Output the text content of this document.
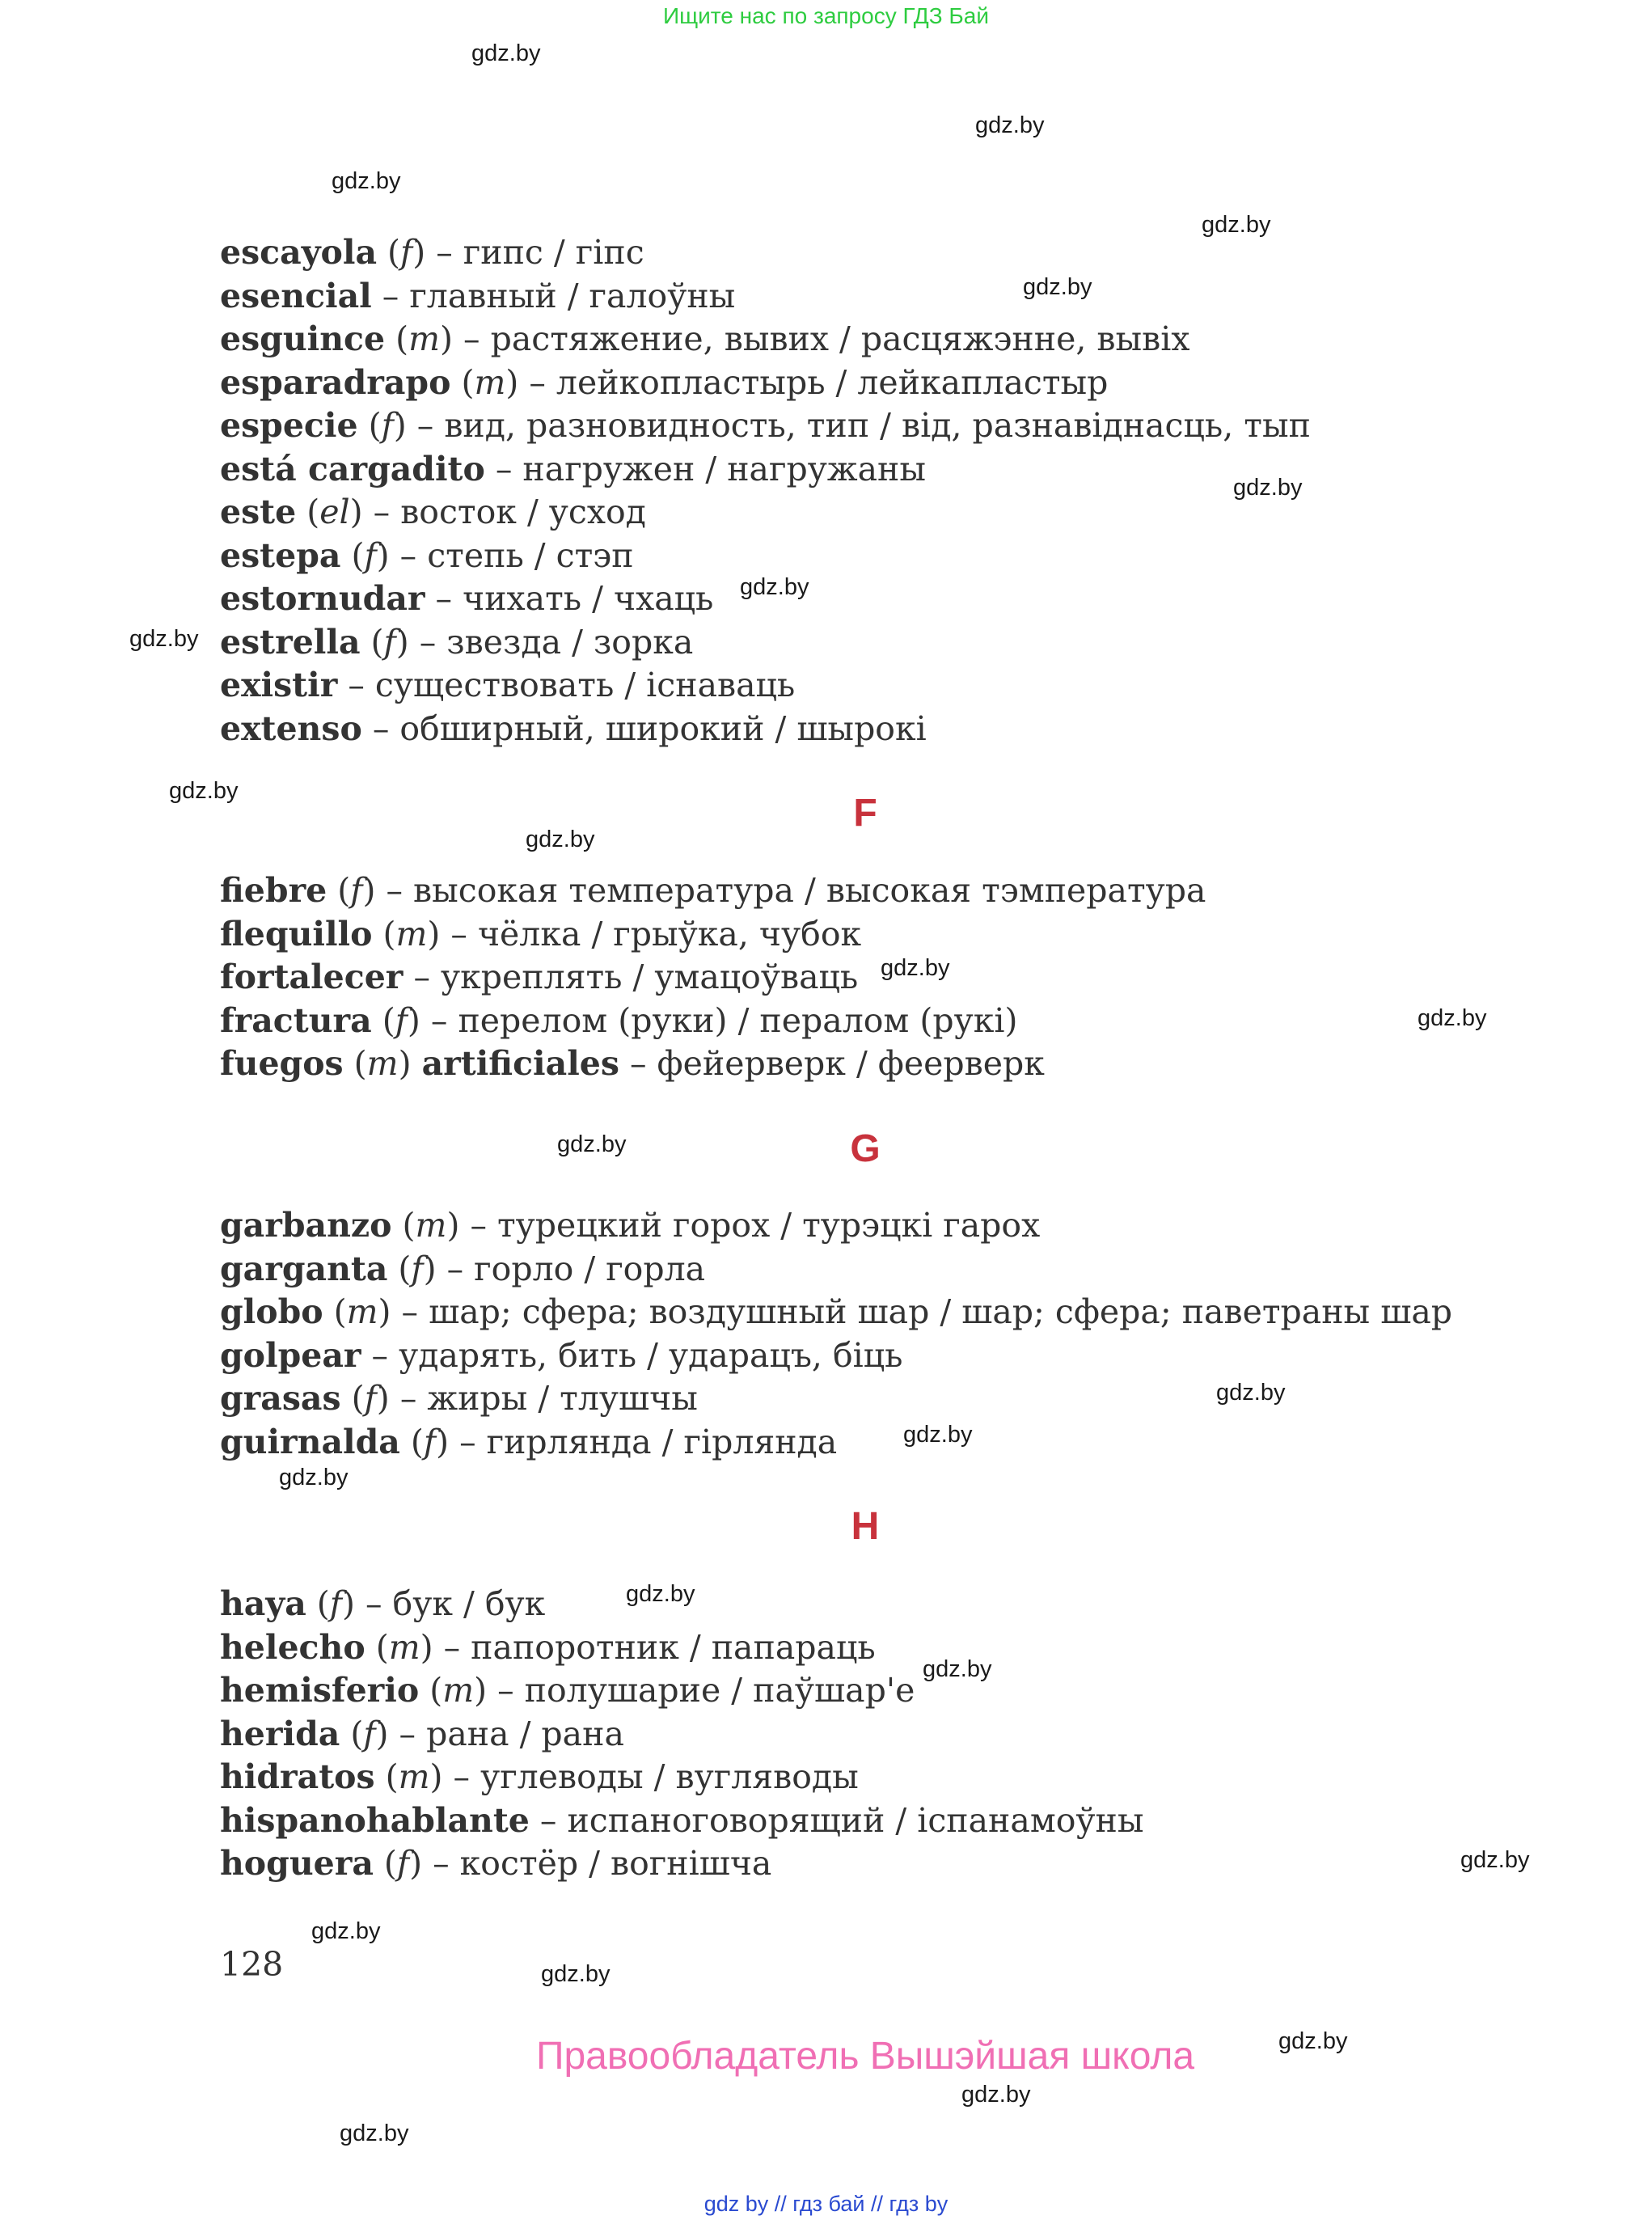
Ищите нас по запросу ГДЗ Бай
gdz.by
gdz.by
gdz.by
gdz.by
gdz.by
gdz.by
gdz.by
gdz.by
gdz.by
gdz.by
gdz.by
gdz.by
gdz.by
gdz.by
gdz.by
gdz.by
gdz.by
gdz.by
gdz.by
gdz.by
gdz.by
gdz.by
gdz.by
gdz.by
escayola (f) – гипс / гіпс
esencial – главный / галоўны
esguince (m) – растяжение, вывих / расцяжэнне, вывіх
esparadrapo (m) – лейкопластырь / лейкапластыр
especie (f) – вид, разновидность, тип / від, разнавіднасць, тып
está cargadito – нагружен / нагружаны
este (el) – восток / усход
estepa (f) – степь / стэп
estornudar – чихать / чхаць
estrella (f) – звезда / зорка
existir – существовать / існаваць
extenso – обширный, широкий / шырокі
F
fiebre (f) – высокая температура / высокая тэмпература
flequillo (m) – чёлка / грыўка, чубок
fortalecer – укреплять / умацоўваць
fractura (f) – перелом (руки) / пералом (рукі)
fuegos (m) artificiales – фейерверк / феерверк
G
garbanzo (m) – турецкий горох / турэцкі гарох
garganta (f) – горло / горла
globo (m) – шар; сфера; воздушный шар / шар; сфера; паветраны шар
golpear – ударять, бить / ударацъ, біць
grasas (f) – жиры / тлушчы
guirnalda (f) – гирлянда / гірлянда
H
haya (f) – бук / бук
helecho (m) – папоротник / папараць
hemisferio (m) – полушарие / паўшар'е
herida (f) – рана / рана
hidratos (m) – углеводы / вугляводы
hispanohablante – испаноговорящий / іспанамоўны
hoguera (f) – костёр / вогнішча
128
Правообладатель Вышэйшая школа
gdz by // гдз бай // гдз by
